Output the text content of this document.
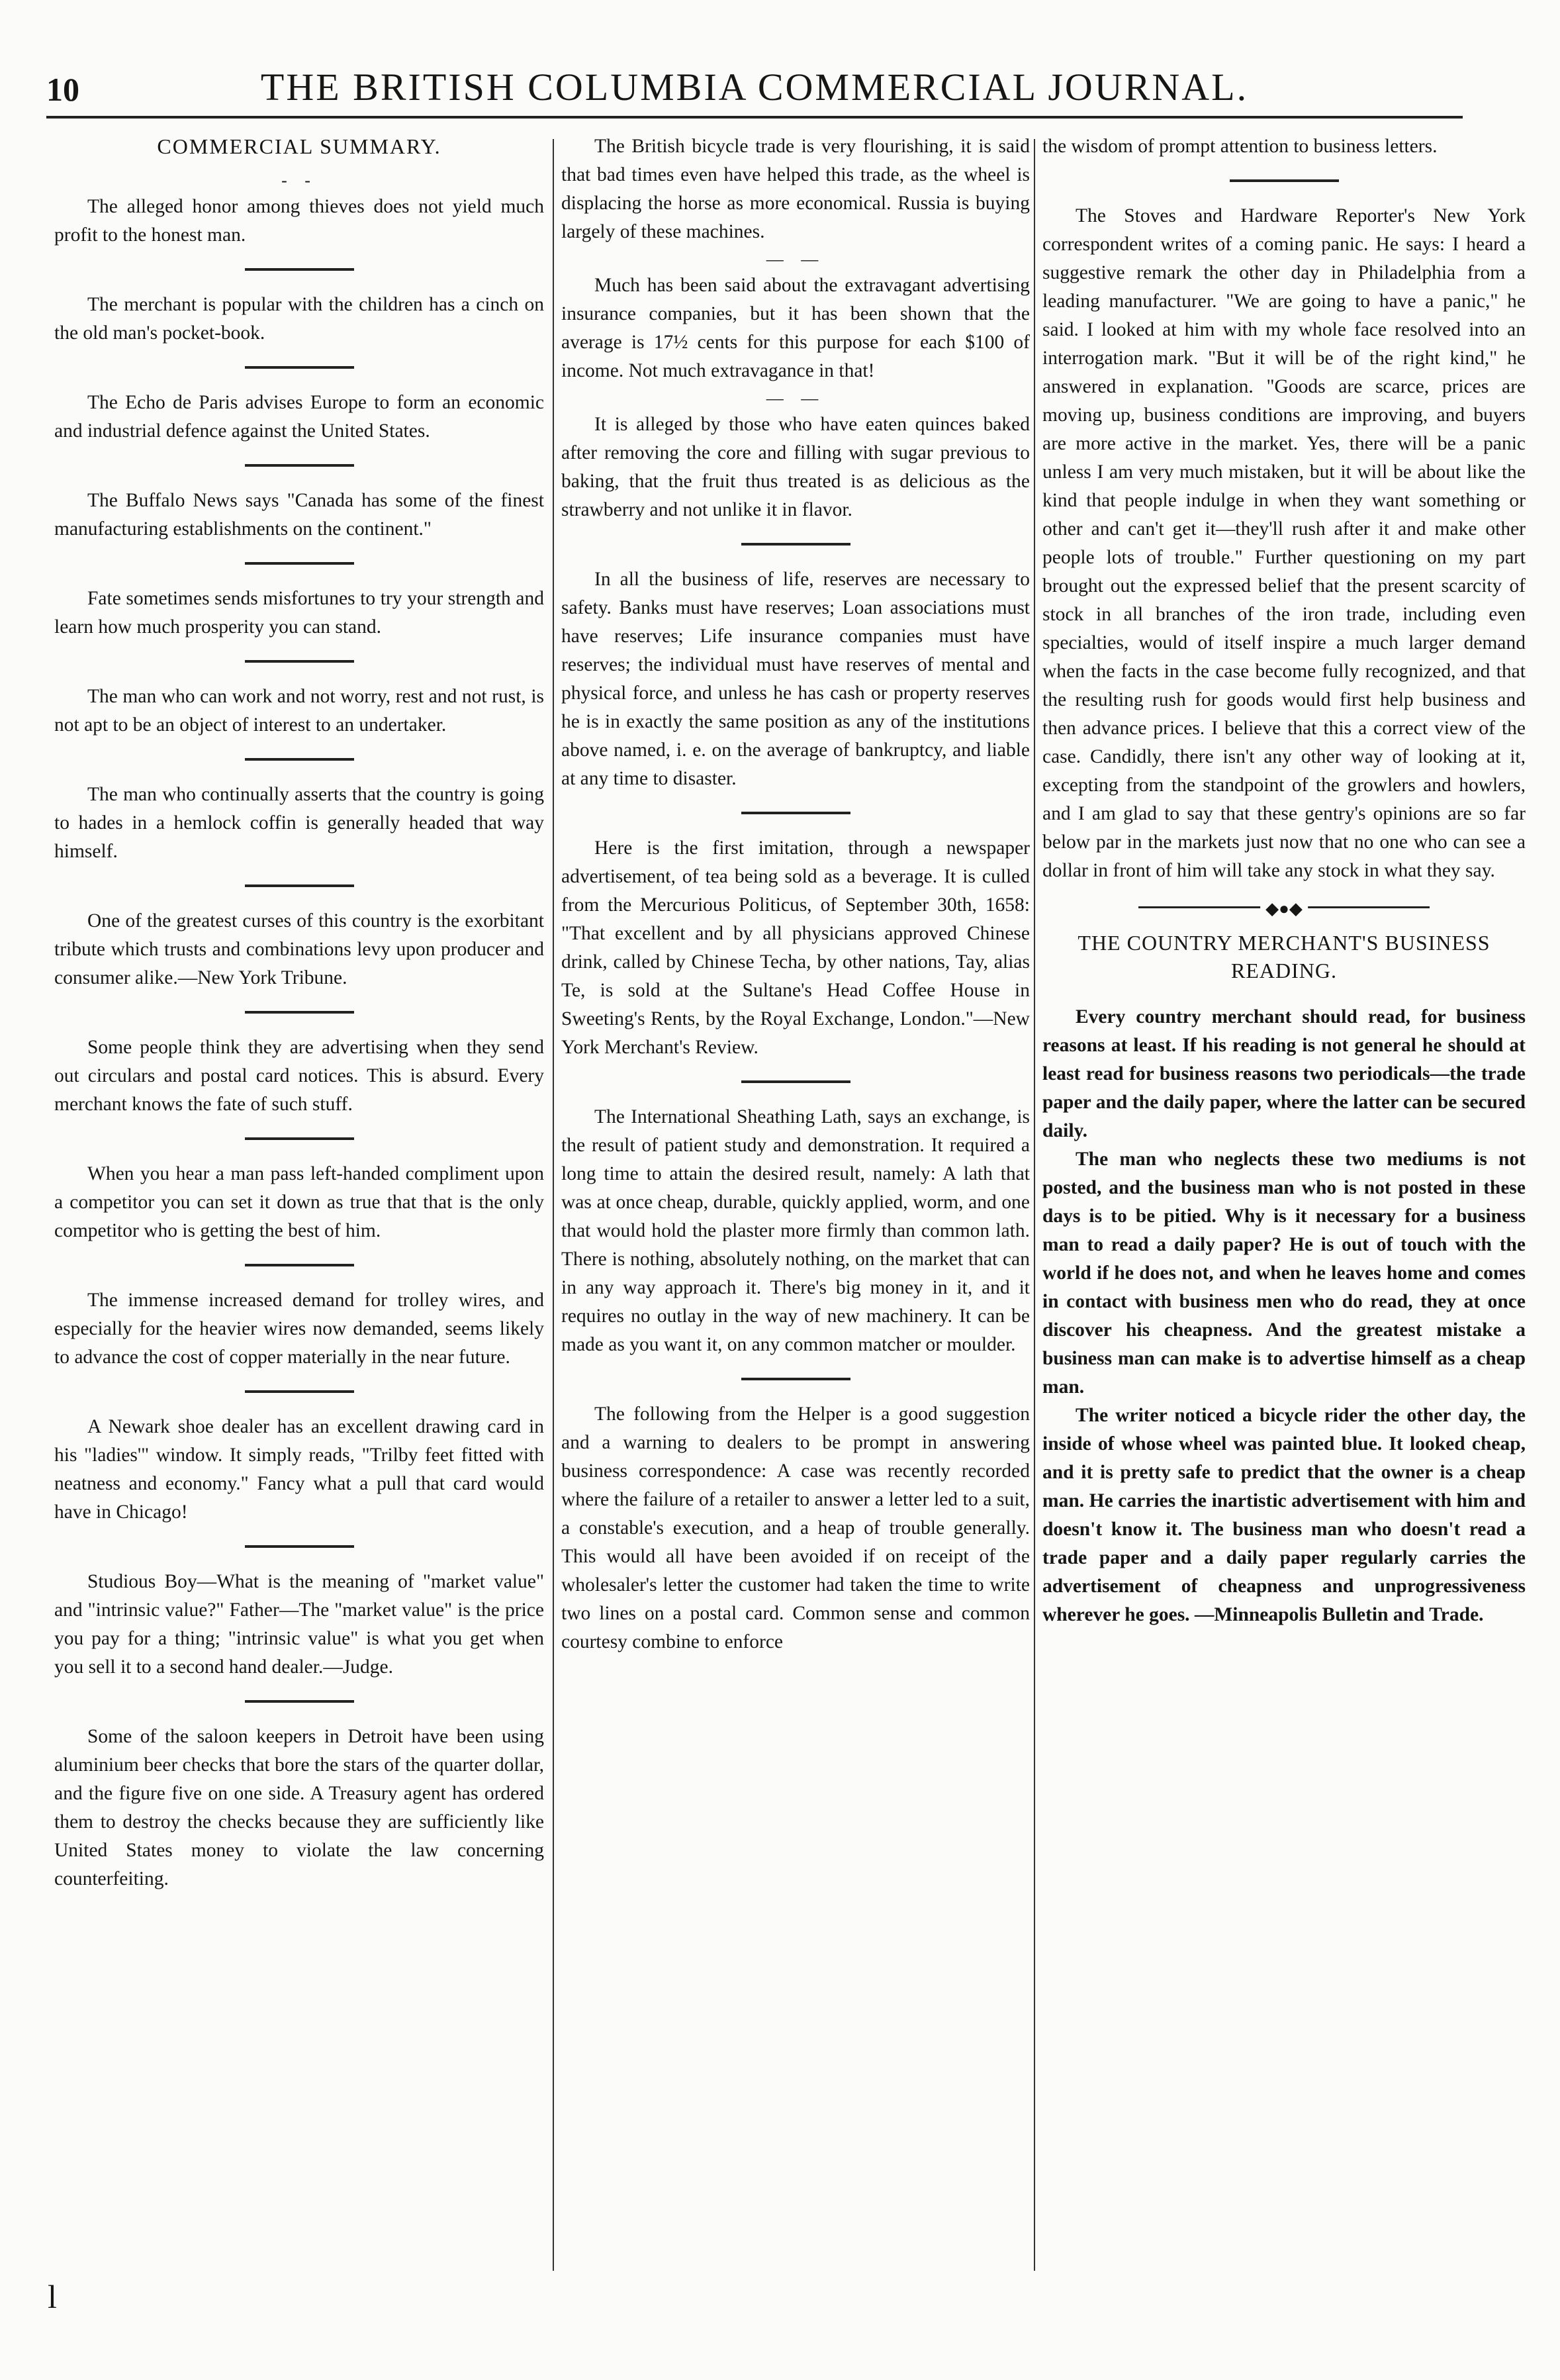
10	THE BRITISH COLUMBIA COMMERCIAL JOURNAL.
COMMERCIAL SUMMARY.
- -

The alleged honor among thieves does not yield much profit to the honest man.

The merchant is popular with the children has a cinch on the old man's pocket-book.

The Echo de Paris advises Europe to form an economic and industrial defence against the United States.

The Buffalo News says "Canada has some of the finest manufacturing establishments on the continent."

Fate sometimes sends misfortunes to try your strength and learn how much prosperity you can stand.

The man who can work and not worry, rest and not rust, is not apt to be an object of interest to an undertaker.

The man who continually asserts that the country is going to hades in a hemlock coffin is generally headed that way himself.

One of the greatest curses of this country is the exorbitant tribute which trusts and combinations levy upon producer and consumer alike.—New York Tribune.

Some people think they are advertising when they send out circulars and postal card notices. This is absurd. Every merchant knows the fate of such stuff.

When you hear a man pass left-handed compliment upon a competitor you can set it down as true that that is the only competitor who is getting the best of him.

The immense increased demand for trolley wires, and especially for the heavier wires now demanded, seems likely to advance the cost of copper materially in the near future.

A Newark shoe dealer has an excellent drawing card in his "ladies'" window. It simply reads, "Trilby feet fitted with neatness and economy." Fancy what a pull that card would have in Chicago!

Studious Boy—What is the meaning of "market value" and "intrinsic value?" Father—The "market value" is the price you pay for a thing; "intrinsic value" is what you get when you sell it to a second hand dealer.—Judge.

Some of the saloon keepers in Detroit have been using aluminium beer checks that bore the stars of the quarter dollar, and the figure five on one side. A Treasury agent has ordered them to destroy the checks because they are sufficiently like United States money to violate the law concerning counterfeiting.

The British bicycle trade is very flourishing, it is said that bad times even have helped this trade, as the wheel is displacing the horse as more economical. Russia is buying largely of these machines.

— —

Much has been said about the extravagant advertising insurance companies, but it has been shown that the average is 17½ cents for this purpose for each $100 of income. Not much extravagance in that!

— —

It is alleged by those who have eaten quinces baked after removing the core and filling with sugar previous to baking, that the fruit thus treated is as delicious as the strawberry and not unlike it in flavor.

In all the business of life, reserves are necessary to safety. Banks must have reserves; Loan associations must have reserves; Life insurance companies must have reserves; the individual must have reserves of mental and physical force, and unless he has cash or property reserves he is in exactly the same position as any of the institutions above named, i. e. on the average of bankruptcy, and liable at any time to disaster.

Here is the first imitation, through a newspaper advertisement, of tea being sold as a beverage. It is culled from the Mercurious Politicus, of September 30th, 1658: "That excellent and by all physicians approved Chinese drink, called by Chinese Techa, by other nations, Tay, alias Te, is sold at the Sultane's Head Coffee House in Sweeting's Rents, by the Royal Exchange, London."—New York Merchant's Review.

The International Sheathing Lath, says an exchange, is the result of patient study and demonstration. It required a long time to attain the desired result, namely: A lath that was at once cheap, durable, quickly applied, worm, and one that would hold the plaster more firmly than common lath. There is nothing, absolutely nothing, on the market that can in any way approach it. There's big money in it, and it requires no outlay in the way of new machinery. It can be made as you want it, on any common matcher or moulder.

The following from the Helper is a good suggestion and a warning to dealers to be prompt in answering business correspondence: A case was recently recorded where the failure of a retailer to answer a letter led to a suit, a constable's execution, and a heap of trouble generally. This would all have been avoided if on receipt of the wholesaler's letter the customer had taken the time to write two lines on a postal card. Common sense and common courtesy combine to enforce

the wisdom of prompt attention to business letters.

The Stoves and Hardware Reporter's New York correspondent writes of a coming panic. He says: I heard a suggestive remark the other day in Philadelphia from a leading manufacturer. "We are going to have a panic," he said. I looked at him with my whole face resolved into an interrogation mark. "But it will be of the right kind," he answered in explanation. "Goods are scarce, prices are moving up, business conditions are improving, and buyers are more active in the market. Yes, there will be a panic unless I am very much mistaken, but it will be about like the kind that people indulge in when they want something or other and can't get it—they'll rush after it and make other people lots of trouble." Further questioning on my part brought out the expressed belief that the present scarcity of stock in all branches of the iron trade, including even specialties, would of itself inspire a much larger demand when the facts in the case become fully recognized, and that the resulting rush for goods would first help business and then advance prices. I believe that this a correct view of the case. Candidly, there isn't any other way of looking at it, excepting from the standpoint of the growlers and howlers, and I am glad to say that these gentry's opinions are so far below par in the markets just now that no one who can see a dollar in front of him will take any stock in what they say.

◆●◆
THE COUNTRY MERCHANT'S BUSINESS READING.

Every country merchant should read, for business reasons at least. If his reading is not general he should at least read for business reasons two periodicals—the trade paper and the daily paper, where the latter can be secured daily.

The man who neglects these two mediums is not posted, and the business man who is not posted in these days is to be pitied. Why is it necessary for a business man to read a daily paper? He is out of touch with the world if he does not, and when he leaves home and comes in contact with business men who do read, they at once discover his cheapness. And the greatest mistake a business man can make is to advertise himself as a cheap man.

The writer noticed a bicycle rider the other day, the inside of whose wheel was painted blue. It looked cheap, and it is pretty safe to predict that the owner is a cheap man. He carries the inartistic advertisement with him and doesn't know it. The business man who doesn't read a trade paper and a daily paper regularly carries the advertisement of cheapness and unprogressiveness wherever he goes. —Minneapolis Bulletin and Trade.

l
